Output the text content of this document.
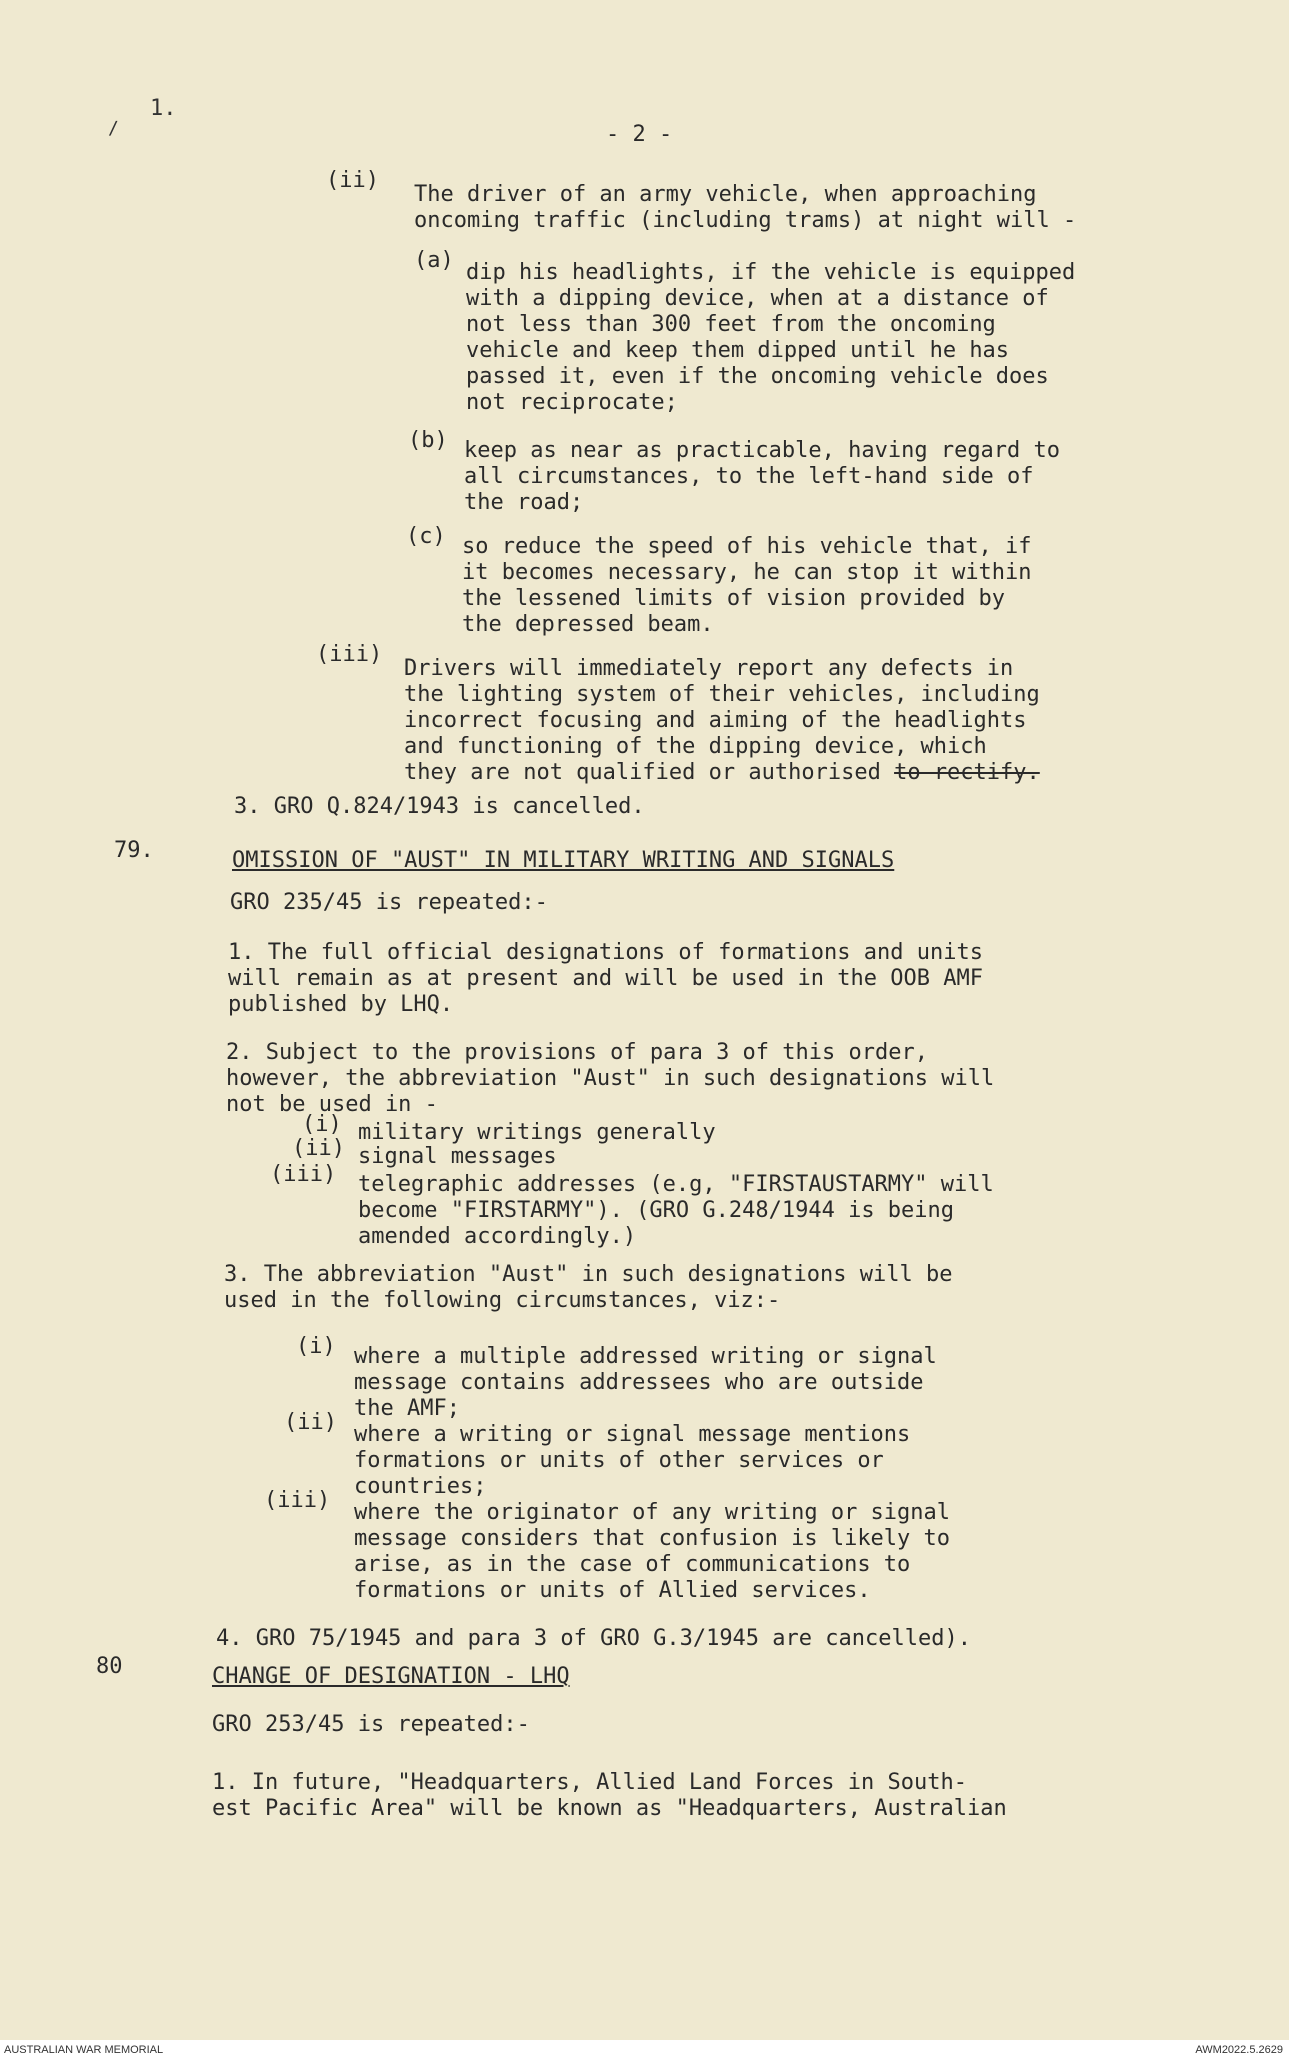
1.
∕	- 2 -
(ii)
The driver of an army vehicle, when approaching
oncoming traffic (including trams) at night will -
(a) dip his headlights, if the vehicle is equipped
with a dipping device, when at a distance of
not less than 300 feet from the oncoming
vehicle and keep them dipped until he has
passed it, even if the oncoming vehicle does
not reciprocate;
(b) keep as near as practicable, having regard to
all circumstances, to the left-hand side of
the road;
(c) so reduce the speed of his vehicle that, if
it becomes necessary, he can stop it within
the lessened limits of vision provided by
the depressed beam.
(iii)
Drivers will immediately report any defects in
the lighting system of their vehicles, including
incorrect focusing and aiming of the headlights
and functioning of the dipping device, which
they are not qualified or authorised to rectify.
3. GRO Q.824/1943 is cancelled.
79.	OMISSION OF "AUST" IN MILITARY WRITING AND SIGNALS
GRO 235/45 is repeated:-
1. The full official designations of formations and units
will remain as at present and will be used in the OOB AMF
published by LHQ.
2. Subject to the provisions of para 3 of this order,
however, the abbreviation "Aust" in such designations will
not be used in -
(i) military writings generally
(ii) signal messages
(iii) telegraphic addresses (e.g, "FIRSTAUSTARMY" will
become "FIRSTARMY"). (GRO G.248/1944 is being
amended accordingly.)
3. The abbreviation "Aust" in such designations will be
used in the following circumstances, viz:-
(i) where a multiple addressed writing or signal
message contains addressees who are outside
the AMF;
(ii) where a writing or signal message mentions
formations or units of other services or
countries;
(iii) where the originator of any writing or signal
message considers that confusion is likely to
arise, as in the case of communications to
formations or units of Allied services.
4. GRO 75/1945 and para 3 of GRO G.3/1945 are cancelled).
80	CHANGE OF DESIGNATION - LHQ
GRO 253/45 is repeated:-
1. In future, "Headquarters, Allied Land Forces in South-
est Pacific Area" will be known as "Headquarters, Australian
AUSTRALIAN WAR MEMORIAL	AWM2022.5.2629
